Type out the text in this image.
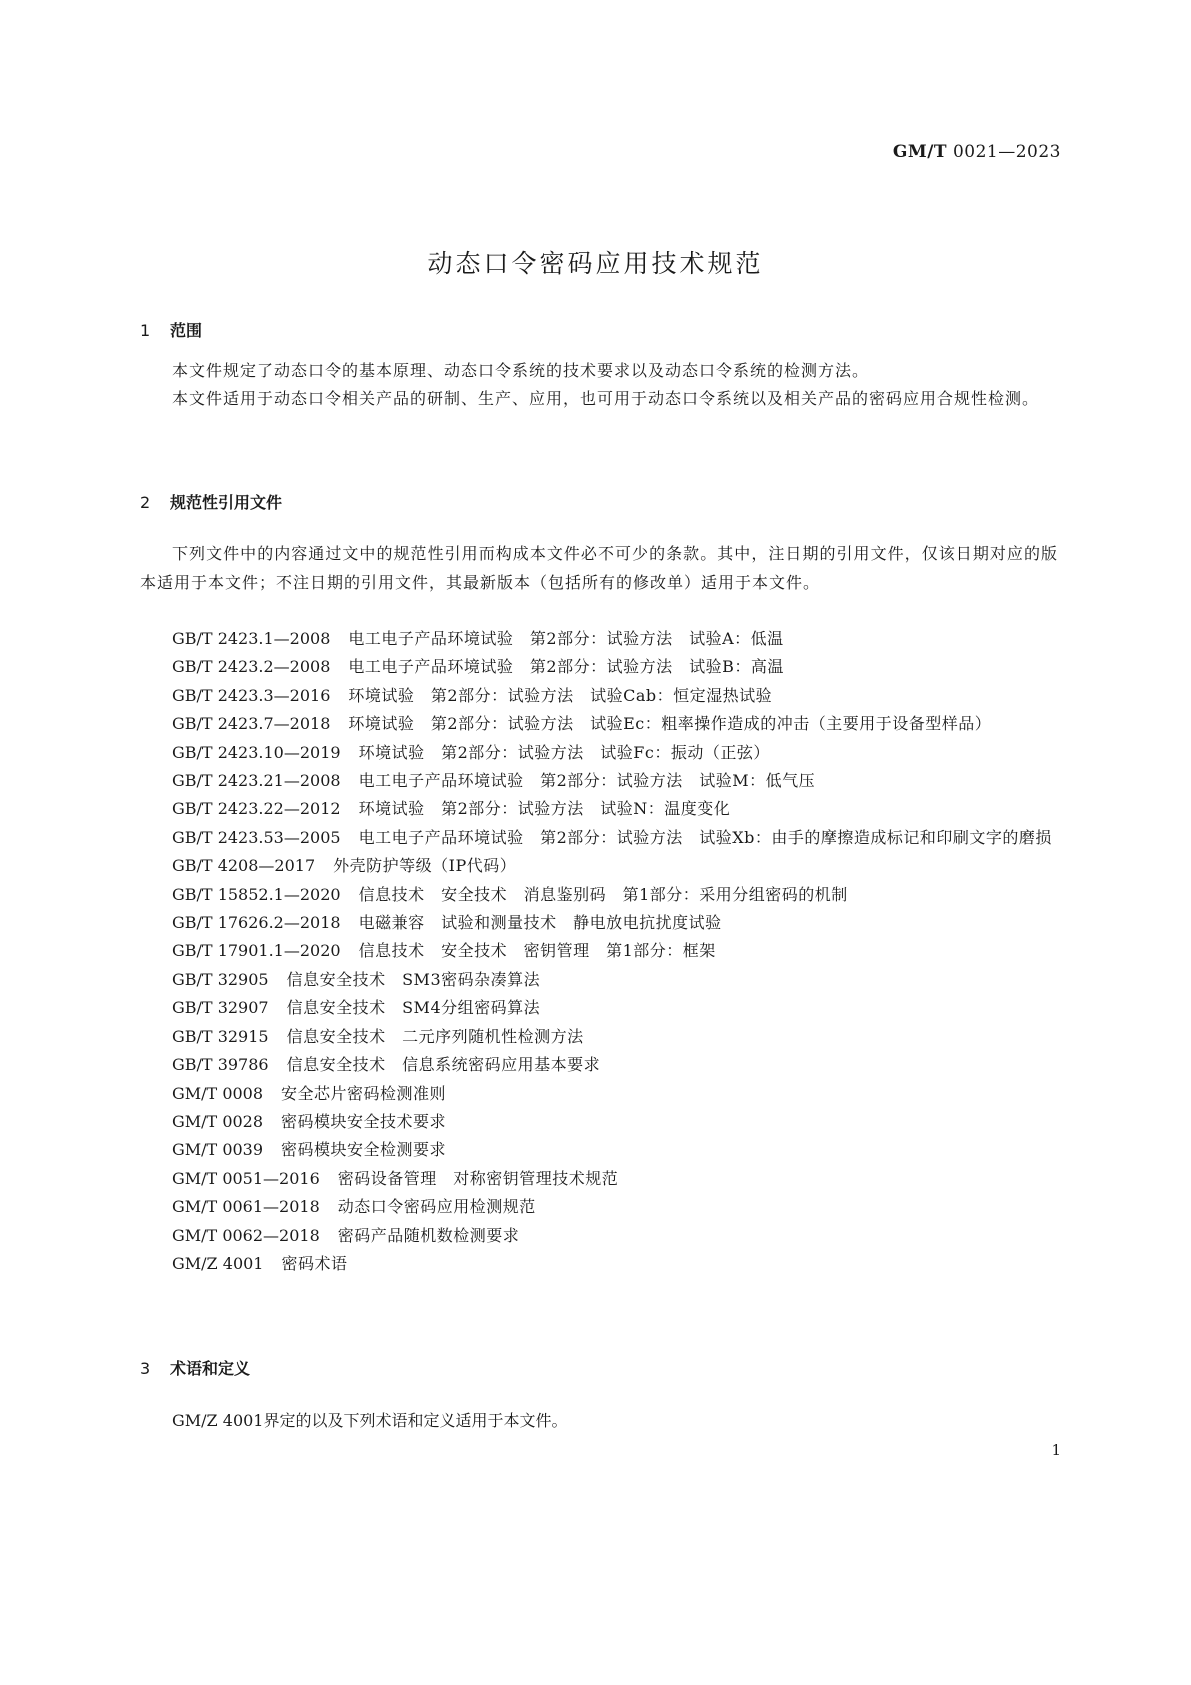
GM/T 0021—2023
动态口令密码应用技术规范
1 范围

本文件规定了动态口令的基本原理、动态口令系统的技术要求以及动态口令系统的检测方法。

本文件适用于动态口令相关产品的研制、生产、应用，也可用于动态口令系统以及相关产品的密码应用合规性检测。

2 规范性引用文件

下列文件中的内容通过文中的规范性引用而构成本文件必不可少的条款。其中，注日期的引用文件，仅该日期对应的版本适用于本文件；不注日期的引用文件，其最新版本（包括所有的修改单）适用于本文件。

GB/T 2423.1—2008 电工电子产品环境试验　第2部分：试验方法　试验A：低温
GB/T 2423.2—2008 电工电子产品环境试验　第2部分：试验方法　试验B：高温
GB/T 2423.3—2016 环境试验　第2部分：试验方法　试验Cab：恒定湿热试验
GB/T 2423.7—2018 环境试验　第2部分：试验方法　试验Ec：粗率操作造成的冲击（主要用于设备型样品）
GB/T 2423.10—2019 环境试验　第2部分：试验方法　试验Fc：振动（正弦）
GB/T 2423.21—2008 电工电子产品环境试验　第2部分：试验方法　试验M：低气压
GB/T 2423.22—2012 环境试验　第2部分：试验方法　试验N：温度变化
GB/T 2423.53—2005 电工电子产品环境试验　第2部分：试验方法　试验Xb：由手的摩擦造成标记和印刷文字的磨损
GB/T 4208—2017 外壳防护等级（IP代码）
GB/T 15852.1—2020 信息技术　安全技术　消息鉴别码　第1部分：采用分组密码的机制
GB/T 17626.2—2018 电磁兼容　试验和测量技术　静电放电抗扰度试验
GB/T 17901.1—2020 信息技术　安全技术　密钥管理　第1部分：框架
GB/T 32905 信息安全技术　SM3密码杂凑算法
GB/T 32907 信息安全技术　SM4分组密码算法
GB/T 32915 信息安全技术　二元序列随机性检测方法
GB/T 39786 信息安全技术　信息系统密码应用基本要求
GM/T 0008 安全芯片密码检测准则
GM/T 0028 密码模块安全技术要求
GM/T 0039 密码模块安全检测要求
GM/T 0051—2016 密码设备管理　对称密钥管理技术规范
GM/T 0061—2018 动态口令密码应用检测规范
GM/T 0062—2018 密码产品随机数检测要求
GM/Z 4001 密码术语
3 术语和定义

GM/Z 4001界定的以及下列术语和定义适用于本文件。

1
